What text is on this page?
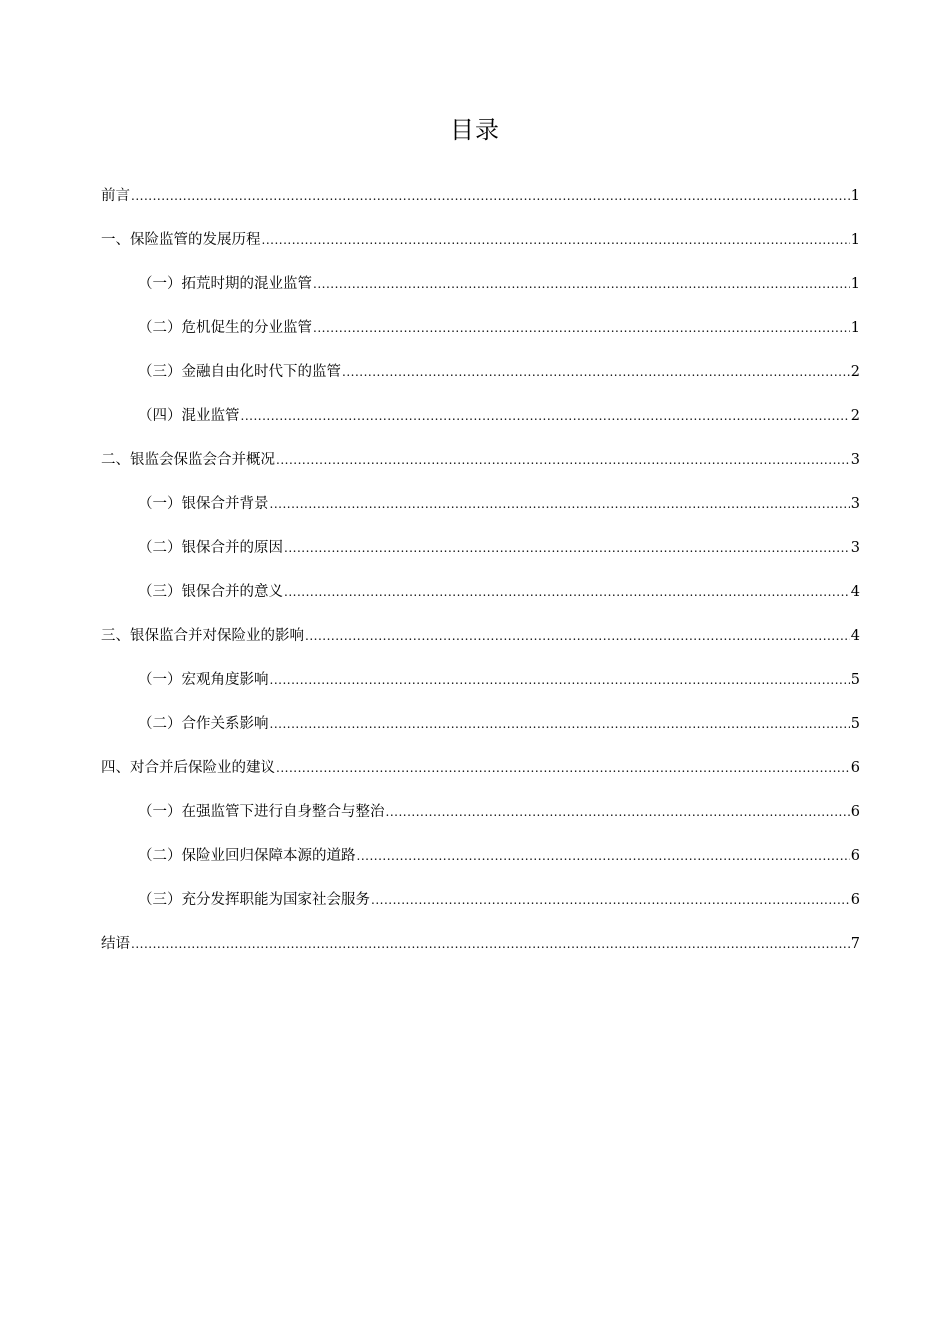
目录
前言 .....	1
一、保险监管的发展历程 .....	1
（一）拓荒时期的混业监管 .....	1
（二）危机促生的分业监管 .....	1
（三）金融自由化时代下的监管 .....	2
（四）混业监管 .....	2
二、银监会保监会合并概况 .....	3
（一）银保合并背景 .....	3
（二）银保合并的原因 .....	3
（三）银保合并的意义 .....	4
三、银保监合并对保险业的影响 .....	4
（一）宏观角度影响 .....	5
（二）合作关系影响 .....	5
四、对合并后保险业的建议 .....	6
（一）在强监管下进行自身整合与整治 .....	6
（二）保险业回归保障本源的道路 .....	6
（三）充分发挥职能为国家社会服务 .....	6
结语 .....	7
